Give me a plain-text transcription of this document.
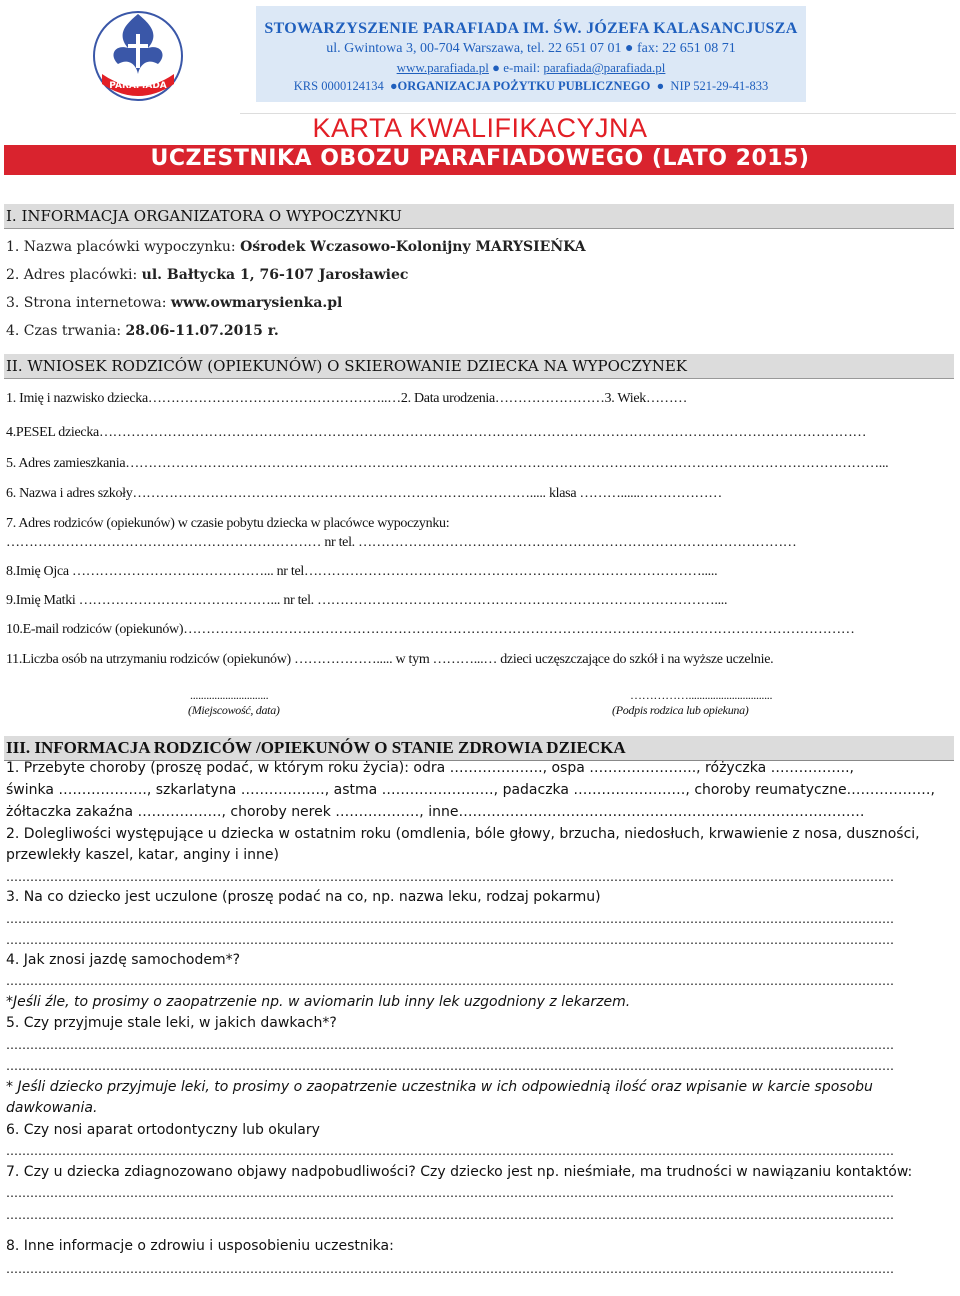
PARAFIADA
STOWARZYSZENIE PARAFIADA IM. ŚW. JÓZEFA KALASANCJUSZA
ul. Gwintowa 3, 00-704 Warszawa, tel. 22 651 07 01 ● fax: 22 651 08 71
www.parafiada.pl ● e-mail: parafiada@parafiada.pl
KRS 0000124134  ●ORGANIZACJA POŻYTKU PUBLICZNEGO  ●  NIP 521-29-41-833
KARTA KWALIFIKACYJNA
UCZESTNIKA OBOZU PARAFIADOWEGO (LATO 2015)
I. INFORMACJA ORGANIZATORA O WYPOCZYNKU
1. Nazwa placówki wypoczynku: Ośrodek Wczasowo-Kolonijny MARYSIEŃKA
2. Adres placówki: ul. Bałtycka 1, 76-107 Jarosławiec
3. Strona internetowa: www.owmarysienka.pl
4. Czas trwania: 28.06-11.07.2015 r.
II. WNIOSEK RODZICÓW (OPIEKUNÓW) O SKIEROWANIE DZIECKA NA WYPOCZYNEK
1. Imię i nazwisko dziecka……………………………………………..…2. Data urodzenia……………………3. Wiek………
4.PESEL dziecka……………………………………………………………………………………………………………………………………………………
5. Adres zamieszkania…………………………………………………………………………………………………………………………………………………...
6. Nazwa i adres szkoły……………………………………………………………………………..... klasa ………......………………
7. Adres rodziców (opiekunów) w czasie pobytu dziecka w placówce wypoczynku:
…………………………………………………………… nr tel. ……………………………………………………………………………………
8.Imię Ojca ……………………………………... nr tel…………………………………………………………………………….....
9.Imię Matki ……………………………………... nr tel. ……………………………………………………………………………....
10.E-mail rodziców (opiekunów)…………………………………………………………………………………………………………………………………
11.Liczba osób na utrzymaniu rodziców (opiekunów) ………………..... w tym ………...… dzieci uczęszczające do szkół i na wyższe uczelnie.
.............................
(Miejscowość, data)
……………...............................
(Podpis rodzica lub opiekuna)
III. INFORMACJA RODZICÓW /OPIEKUNÓW O STANIE ZDROWIA DZIECKA
1. Przebyte choroby (proszę podać, w którym roku życia): odra ……………….., ospa ………………….., różyczka ……………..,
świnka ………………., szkarlatyna ………………, astma ……………………, padaczka ……………………, choroby reumatyczne………………,
żółtaczka zakaźna ………………, choroby nerek ………………, inne……………………………………………………………………………
2. Dolegliwości występujące u dziecka w ostatnim roku (omdlenia, bóle głowy, brzucha, niedosłuch, krwawienie z nosa, duszności,
przewlekły kaszel, katar, anginy i inne)
……………………………………………………………………………………………………………………………………………………………………………………………………
3. Na co dziecko jest uczulone (proszę podać na co, np. nazwa leku, rodzaj pokarmu)
……………………………………………………………………………………………………………………………………………………………………………………………………
……………………………………………………………………………………………………………………………………………………………………………………………………
4. Jak znosi jazdę samochodem*?
……………………………………………………………………………………………………………………………………………………………………………………………………
*Jeśli źle, to prosimy o zaopatrzenie np. w aviomarin lub inny lek uzgodniony z lekarzem.
5. Czy przyjmuje stale leki, w jakich dawkach*?
……………………………………………………………………………………………………………………………………………………………………………………………………
……………………………………………………………………………………………………………………………………………………………………………………………………
* Jeśli dziecko przyjmuje leki, to prosimy o zaopatrzenie uczestnika w ich odpowiednią ilość oraz wpisanie w karcie sposobu
dawkowania.
6. Czy nosi aparat ortodontyczny lub okulary
……………………………………………………………………………………………………………………………………………………………………………………………………
7. Czy u dziecka zdiagnozowano objawy nadpobudliwości? Czy dziecko jest np. nieśmiałe, ma trudności w nawiązaniu kontaktów:
……………………………………………………………………………………………………………………………………………………………………………………………………
……………………………………………………………………………………………………………………………………………………………………………………………………
8. Inne informacje o zdrowiu i usposobieniu uczestnika:
……………………………………………………………………………………………………………………………………………………………………………………………………
